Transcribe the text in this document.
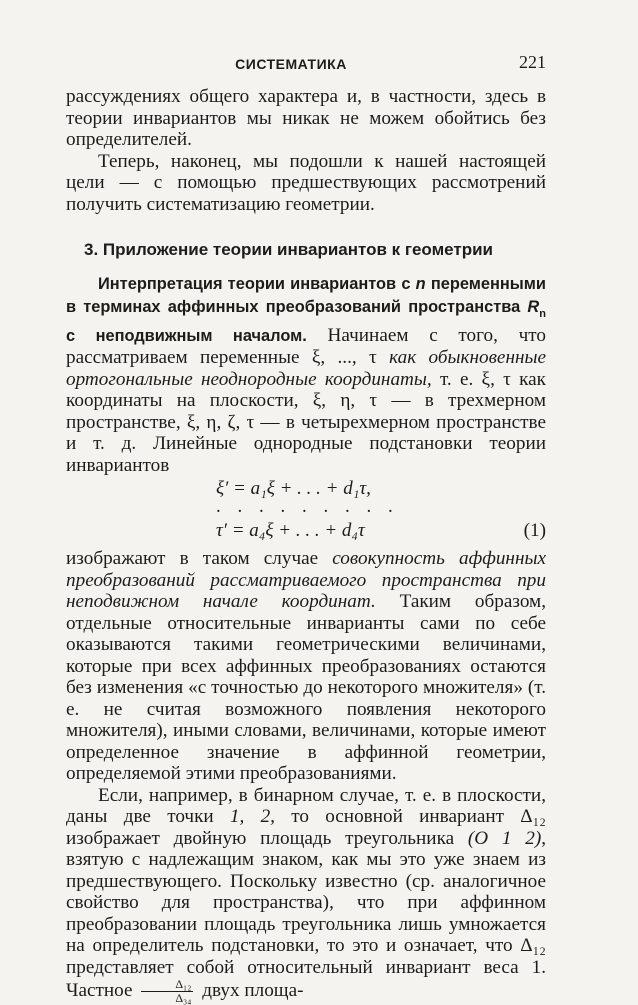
СИСТЕМАТИКА	221

рассуждениях общего характера и, в частности, здесь в теории инвариантов мы никак не можем обойтись без определителей.

Теперь, наконец, мы подошли к нашей настоящей цели — с помощью предшествующих рассмотрений получить систематизацию геометрии.

3. Приложение теории инвариантов к геометрии

Интерпретация теории инвариантов с n переменными в терминах аффинных преобразований пространства $R_n$ с неподвижным началом. Начинаем с того, что рассматриваем переменные ξ, ..., τ как обыкновенные ортогональные неоднородные координаты, т. е. ξ, τ как координаты на плоскости, ξ, η, τ — в трехмерном пространстве, ξ, η, ζ, τ — в четырехмерном пространстве и т. д. Линейные однородные подстановки теории инвариантов

ξ′ = a₁ξ + . . . + d₁τ,
. . . . . . . . .
τ′ = a₄ξ + . . . + d₄τ	(1)

изображают в таком случае совокупность аффинных преобразований рассматриваемого пространства при неподвижном начале координат. Таким образом, отдельные относительные инварианты сами по себе оказываются такими геометрическими величинами, которые при всех аффинных преобразованиях остаются без изменения «с точностью до некоторого множителя» (т. е. не считая возможного появления некоторого множителя), иными словами, величинами, которые имеют определенное значение в аффинной геометрии, определяемой этими преобразованиями.

Если, например, в бинарном случае, т. е. в плоскости, даны две точки 1, 2, то основной инвариант Δ₁₂ изображает двойную площадь треугольника (O 1 2), взятую с надлежащим знаком, как мы это уже знаем из предшествующего. Поскольку известно (ср. аналогичное свойство для пространства), что при аффинном преобразовании площадь треугольника лишь умножается на определитель подстановки, то это и означает, что Δ₁₂ представляет собой относительный инвариант веса 1. Частное $\frac{\text{Δ₁₂}}{\text{Δ₃₄}}$ двух площа-
